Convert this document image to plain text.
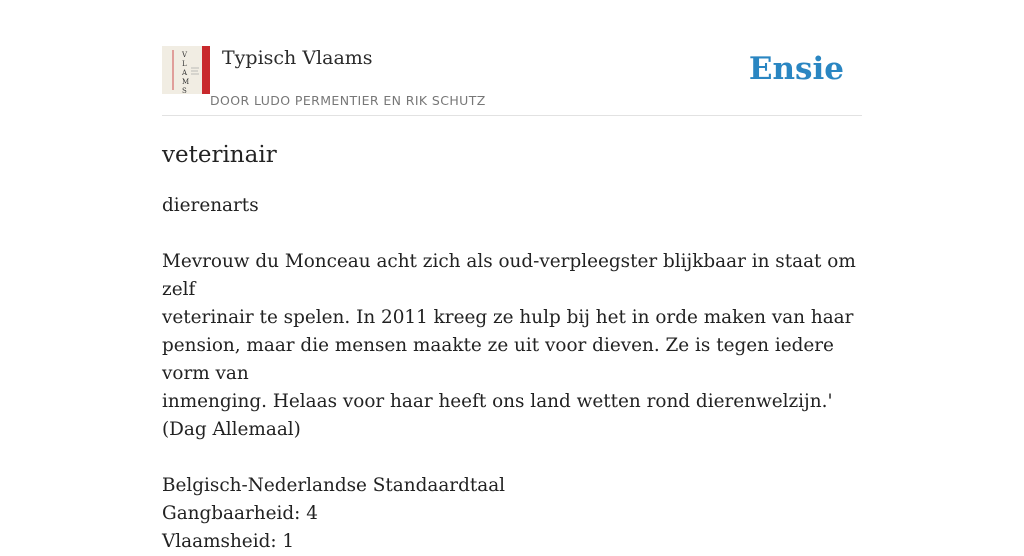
V
L
A
M
S
Typisch Vlaams
DOOR LUDO PERMENTIER EN RIK SCHUTZ
Ensie
veterinair

dierenarts

Mevrouw du Monceau acht zich als oud-verpleegster blijkbaar in staat om zelf
veterinair te spelen. In 2011 kreeg ze hulp bij het in orde maken van haar
pension, maar die mensen maakte ze uit voor dieven. Ze is tegen iedere vorm van
inmenging. Helaas voor haar heeft ons land wetten rond dierenwelzijn.'
(Dag Allemaal)
Belgisch-Nederlandse Standaardtaal
Gangbaarheid: 4
Vlaamsheid: 1
